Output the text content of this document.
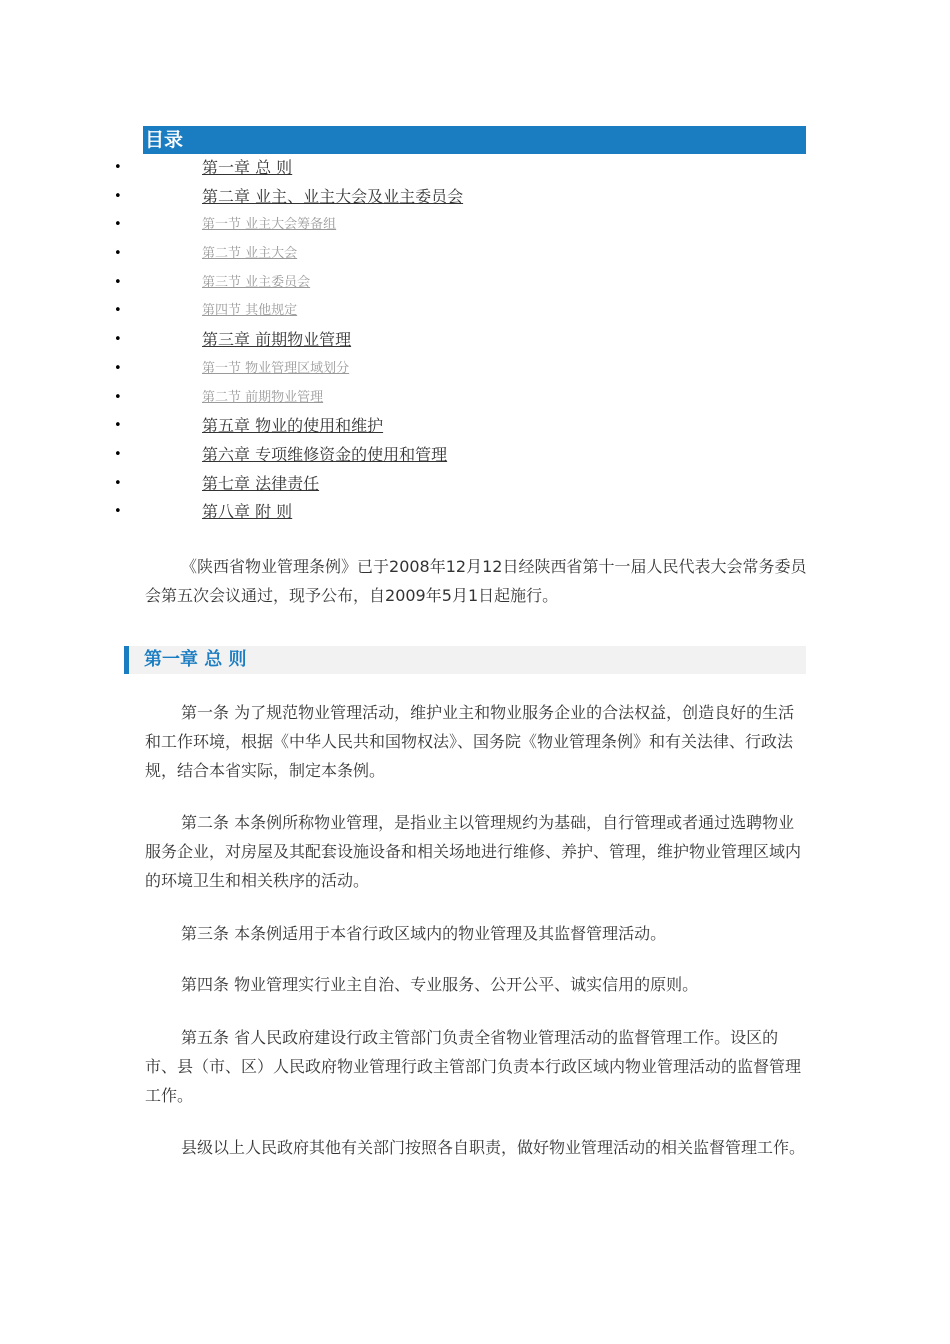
目录
•	第一章 总 则
•	第二章 业主、业主大会及业主委员会
•	第一节 业主大会筹备组
•	第二节 业主大会
•	第三节 业主委员会
•	第四节 其他规定
•	第三章 前期物业管理
•	第一节 物业管理区域划分
•	第二节 前期物业管理
•	第五章 物业的使用和维护
•	第六章 专项维修资金的使用和管理
•	第七章 法律责任
•	第八章 附 则

《陕西省物业管理条例》已于2008年12月12日经陕西省第十一届人民代表大会常务委员会第五次会议通过，现予公布，自2009年5月1日起施行。

第一章 总 则

第一条 为了规范物业管理活动，维护业主和物业服务企业的合法权益，创造良好的生活和工作环境，根据《中华人民共和国物权法》、国务院《物业管理条例》和有关法律、行政法规，结合本省实际，制定本条例。

第二条 本条例所称物业管理，是指业主以管理规约为基础，自行管理或者通过选聘物业服务企业，对房屋及其配套设施设备和相关场地进行维修、养护、管理，维护物业管理区域内的环境卫生和相关秩序的活动。

第三条 本条例适用于本省行政区域内的物业管理及其监督管理活动。

第四条 物业管理实行业主自治、专业服务、公开公平、诚实信用的原则。

第五条 省人民政府建设行政主管部门负责全省物业管理活动的监督管理工作。设区的市、县（市、区）人民政府物业管理行政主管部门负责本行政区域内物业管理活动的监督管理工作。

县级以上人民政府其他有关部门按照各自职责，做好物业管理活动的相关监督管理工作。
